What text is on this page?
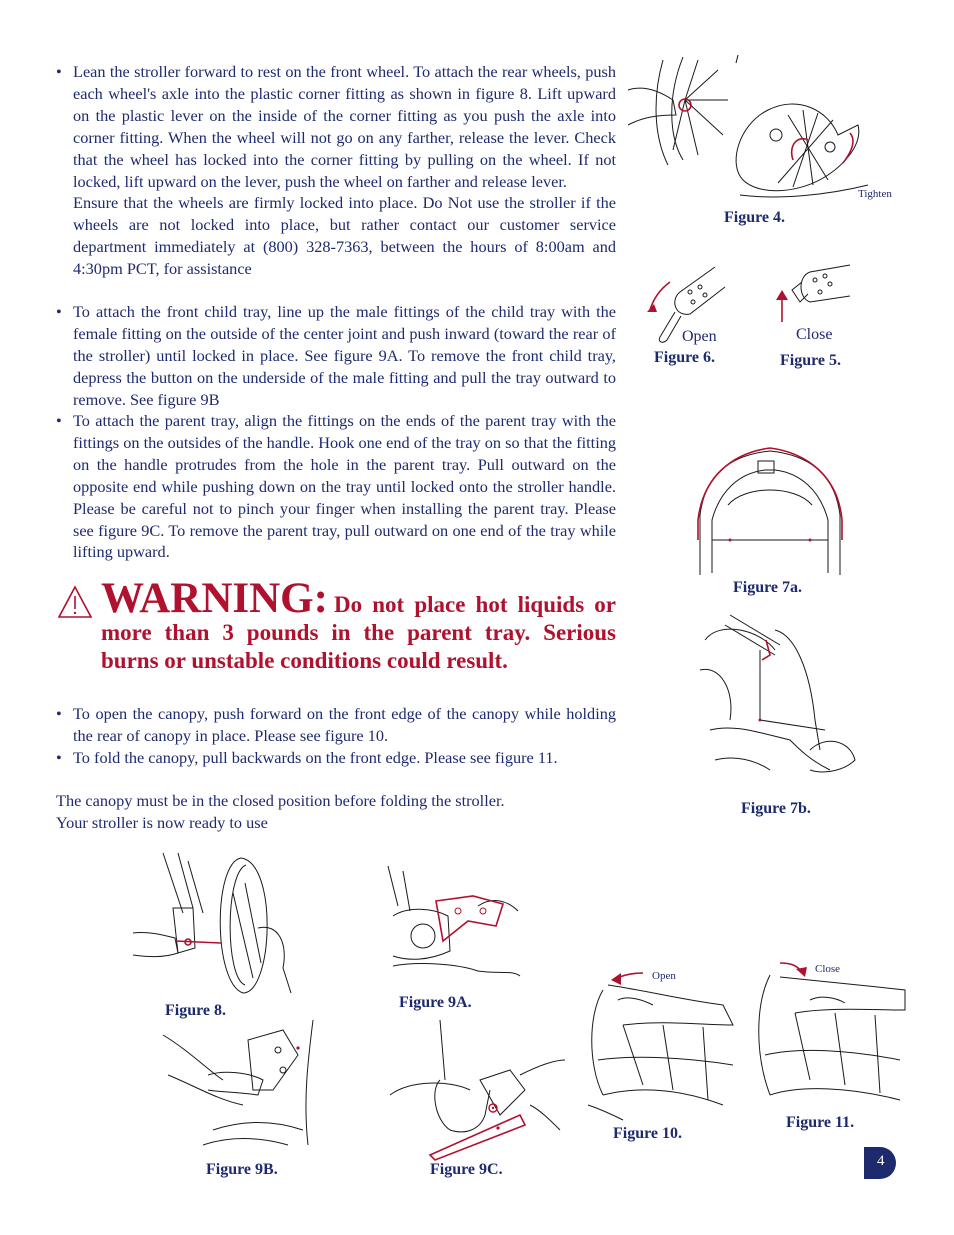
• Lean the stroller forward to rest on the front wheel. To attach the rear wheels, push each wheel's axle into the plastic corner fitting as shown in figure 8. Lift upward on the plastic lever on the inside of the corner fitting as you push the axle into corner fitting. When the wheel will not go on any farther, release the lever. Check that the wheel has locked into the corner fitting by pulling on the wheel. If not locked, lift upward on the lever, push the wheel on farther and release lever.
Ensure that the wheels are firmly locked into place. Do Not use the stroller if the wheels are not locked into place, but rather contact our customer service department immediately at (800) 328-7363, between the hours of 8:00am and 4:30pm PCT, for assistance
• To attach the front child tray, line up the male fittings of the child tray with the female fitting on the outside of the center joint and push inward (toward the rear of the stroller) until locked in place. See figure 9A. To remove the front child tray, depress the button on the underside of the male fitting and pull the tray outward to remove. See figure 9B
• To attach the parent tray, align the fittings on the ends of the parent tray with the fittings on the outsides of the handle. Hook one end of the tray on so that the fitting on the handle protrudes from the hole in the parent tray. Pull outward on the opposite end while pushing down on the tray until locked onto the stroller handle. Please be careful not to pinch your finger when installing the parent tray. Please see figure 9C. To remove the parent tray, pull outward on one end of the tray while lifting upward.
WARNING: Do not place hot liquids or more than 3 pounds in the parent tray. Serious burns or unstable conditions could result.
• To open the canopy, push forward on the front edge of the canopy while holding the rear of canopy in place. Please see figure 10.
• To fold the canopy, pull backwards on the front edge. Please see figure 11.
The canopy must be in the closed position before folding the stroller.
Your stroller is now ready to use
Tighten
Figure 4.
Open
Figure 6.
Close
Figure 5.
Figure 7a.
Figure 7b.
Figure 8.	Figure 9A.
Figure 9B.	Figure 9C.
Open
Figure 10.
Close
Figure 11.
4
